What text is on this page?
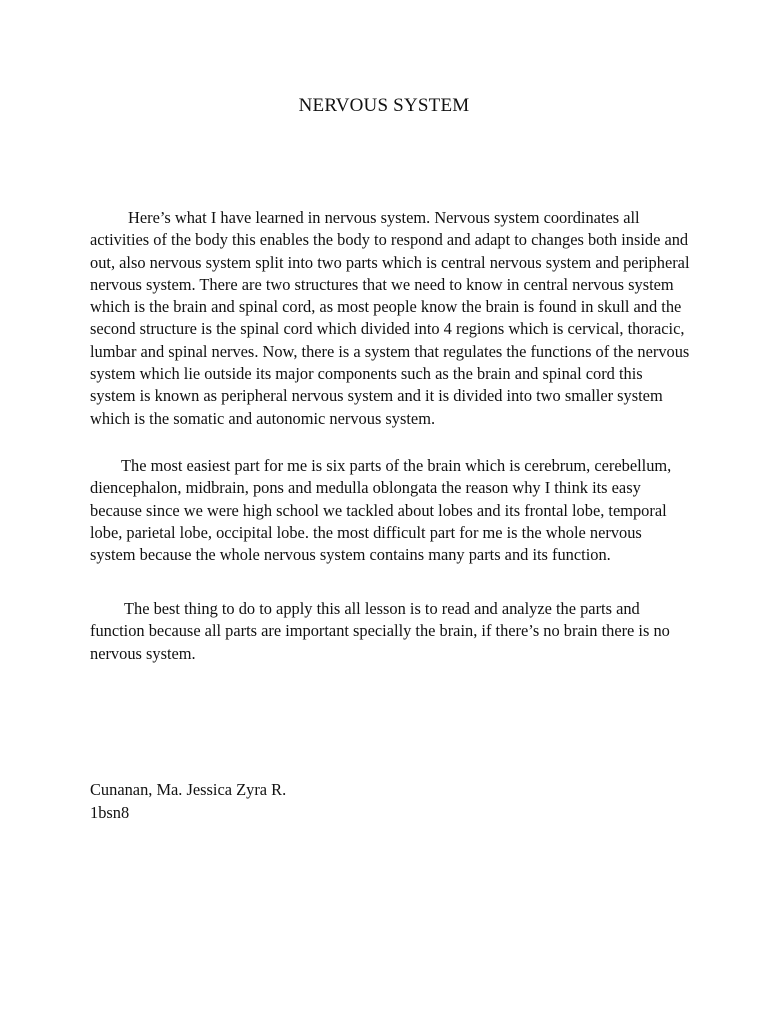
NERVOUS SYSTEM

Here’s what I have learned in nervous system. Nervous system coordinates all activities of the body this enables the body to respond and adapt to changes both inside and out, also nervous system split into two parts which is central nervous system and peripheral nervous system. There are two structures that we need to know in central nervous system which is the brain and spinal cord, as most people know the brain is found in skull and the second structure is the spinal cord which divided into 4 regions which is cervical, thoracic, lumbar and spinal nerves. Now, there is a system that regulates the functions of the nervous system which lie outside its major components such as the brain and spinal cord this system is known as peripheral nervous system and it is divided into two smaller system which is the somatic and autonomic nervous system.

The most easiest part for me is six parts of the brain which is cerebrum, cerebellum, diencephalon, midbrain, pons and medulla oblongata the reason why I think its easy because since we were high school we tackled about lobes and its frontal lobe, temporal lobe, parietal lobe, occipital lobe. the most difficult part for me is the whole nervous system because the whole nervous system contains many parts and its function.

The best thing to do to apply this all lesson is to read and analyze the parts and function because all parts are important specially the brain, if there’s no brain there is no nervous system.

Cunanan, Ma. Jessica Zyra R.
1bsn8
